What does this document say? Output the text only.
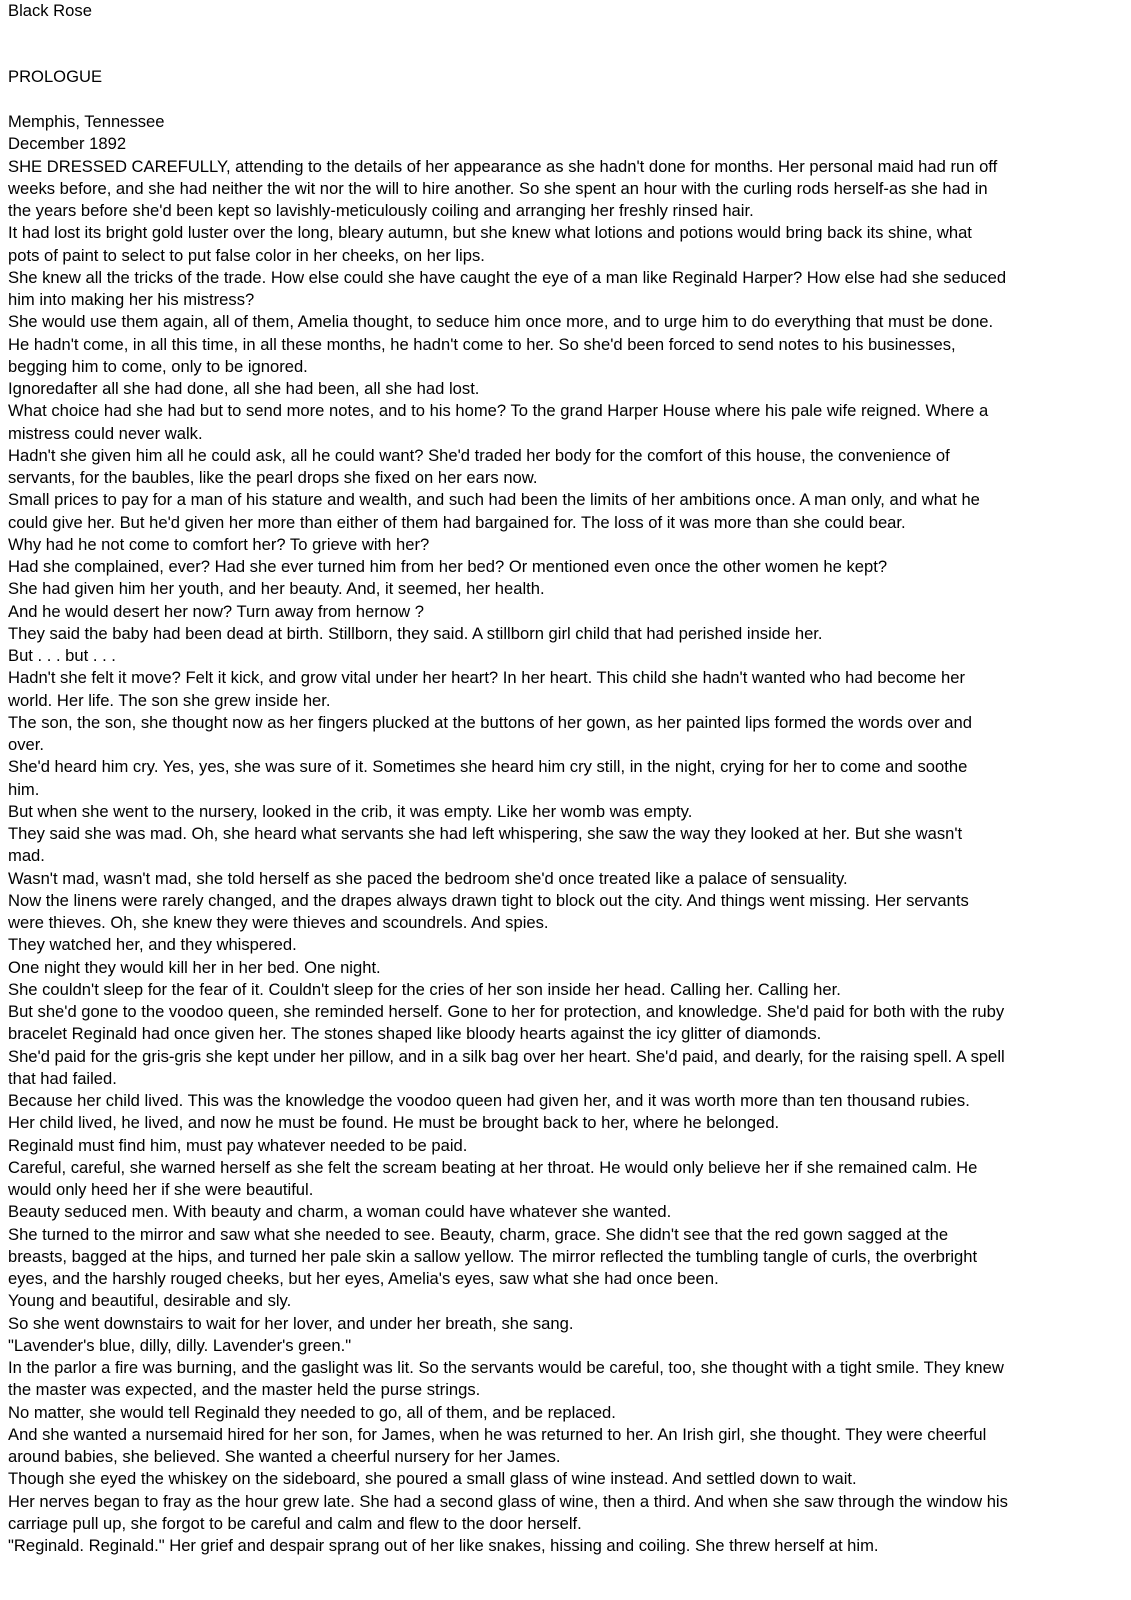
Black Rose
PROLOGUE
Memphis, Tennessee
December 1892
SHE DRESSED CAREFULLY, attending to the details of her appearance as she hadn't done for months. Her personal maid had run off
weeks before, and she had neither the wit nor the will to hire another. So she spent an hour with the curling rods herself-as she had in
the years before she'd been kept so lavishly-meticulously coiling and arranging her freshly rinsed hair.
It had lost its bright gold luster over the long, bleary autumn, but she knew what lotions and potions would bring back its shine, what
pots of paint to select to put false color in her cheeks, on her lips.
She knew all the tricks of the trade. How else could she have caught the eye of a man like Reginald Harper? How else had she seduced
him into making her his mistress?
She would use them again, all of them, Amelia thought, to seduce him once more, and to urge him to do everything that must be done.
He hadn't come, in all this time, in all these months, he hadn't come to her. So she'd been forced to send notes to his businesses,
begging him to come, only to be ignored.
Ignoredafter all she had done, all she had been, all she had lost.
What choice had she had but to send more notes, and to his home? To the grand Harper House where his pale wife reigned. Where a
mistress could never walk.
Hadn't she given him all he could ask, all he could want? She'd traded her body for the comfort of this house, the convenience of
servants, for the baubles, like the pearl drops she fixed on her ears now.
Small prices to pay for a man of his stature and wealth, and such had been the limits of her ambitions once. A man only, and what he
could give her. But he'd given her more than either of them had bargained for. The loss of it was more than she could bear.
Why had he not come to comfort her? To grieve with her?
Had she complained, ever? Had she ever turned him from her bed? Or mentioned even once the other women he kept?
She had given him her youth, and her beauty. And, it seemed, her health.
And he would desert her now? Turn away from hernow ?
They said the baby had been dead at birth. Stillborn, they said. A stillborn girl child that had perished inside her.
But . . . but . . .
Hadn't she felt it move? Felt it kick, and grow vital under her heart? In her heart. This child she hadn't wanted who had become her
world. Her life. The son she grew inside her.
The son, the son, she thought now as her fingers plucked at the buttons of her gown, as her painted lips formed the words over and
over.
She'd heard him cry. Yes, yes, she was sure of it. Sometimes she heard him cry still, in the night, crying for her to come and soothe
him.
But when she went to the nursery, looked in the crib, it was empty. Like her womb was empty.
They said she was mad. Oh, she heard what servants she had left whispering, she saw the way they looked at her. But she wasn't
mad.
Wasn't mad, wasn't mad, she told herself as she paced the bedroom she'd once treated like a palace of sensuality.
Now the linens were rarely changed, and the drapes always drawn tight to block out the city. And things went missing. Her servants
were thieves. Oh, she knew they were thieves and scoundrels. And spies.
They watched her, and they whispered.
One night they would kill her in her bed. One night.
She couldn't sleep for the fear of it. Couldn't sleep for the cries of her son inside her head. Calling her. Calling her.
But she'd gone to the voodoo queen, she reminded herself. Gone to her for protection, and knowledge. She'd paid for both with the ruby
bracelet Reginald had once given her. The stones shaped like bloody hearts against the icy glitter of diamonds.
She'd paid for the gris-gris she kept under her pillow, and in a silk bag over her heart. She'd paid, and dearly, for the raising spell. A spell
that had failed.
Because her child lived. This was the knowledge the voodoo queen had given her, and it was worth more than ten thousand rubies.
Her child lived, he lived, and now he must be found. He must be brought back to her, where he belonged.
Reginald must find him, must pay whatever needed to be paid.
Careful, careful, she warned herself as she felt the scream beating at her throat. He would only believe her if she remained calm. He
would only heed her if she were beautiful.
Beauty seduced men. With beauty and charm, a woman could have whatever she wanted.
She turned to the mirror and saw what she needed to see. Beauty, charm, grace. She didn't see that the red gown sagged at the
breasts, bagged at the hips, and turned her pale skin a sallow yellow. The mirror reflected the tumbling tangle of curls, the overbright
eyes, and the harshly rouged cheeks, but her eyes, Amelia's eyes, saw what she had once been.
Young and beautiful, desirable and sly.
So she went downstairs to wait for her lover, and under her breath, she sang.
"Lavender's blue, dilly, dilly. Lavender's green."
In the parlor a fire was burning, and the gaslight was lit. So the servants would be careful, too, she thought with a tight smile. They knew
the master was expected, and the master held the purse strings.
No matter, she would tell Reginald they needed to go, all of them, and be replaced.
And she wanted a nursemaid hired for her son, for James, when he was returned to her. An Irish girl, she thought. They were cheerful
around babies, she believed. She wanted a cheerful nursery for her James.
Though she eyed the whiskey on the sideboard, she poured a small glass of wine instead. And settled down to wait.
Her nerves began to fray as the hour grew late. She had a second glass of wine, then a third. And when she saw through the window his
carriage pull up, she forgot to be careful and calm and flew to the door herself.
"Reginald. Reginald." Her grief and despair sprang out of her like snakes, hissing and coiling. She threw herself at him.
